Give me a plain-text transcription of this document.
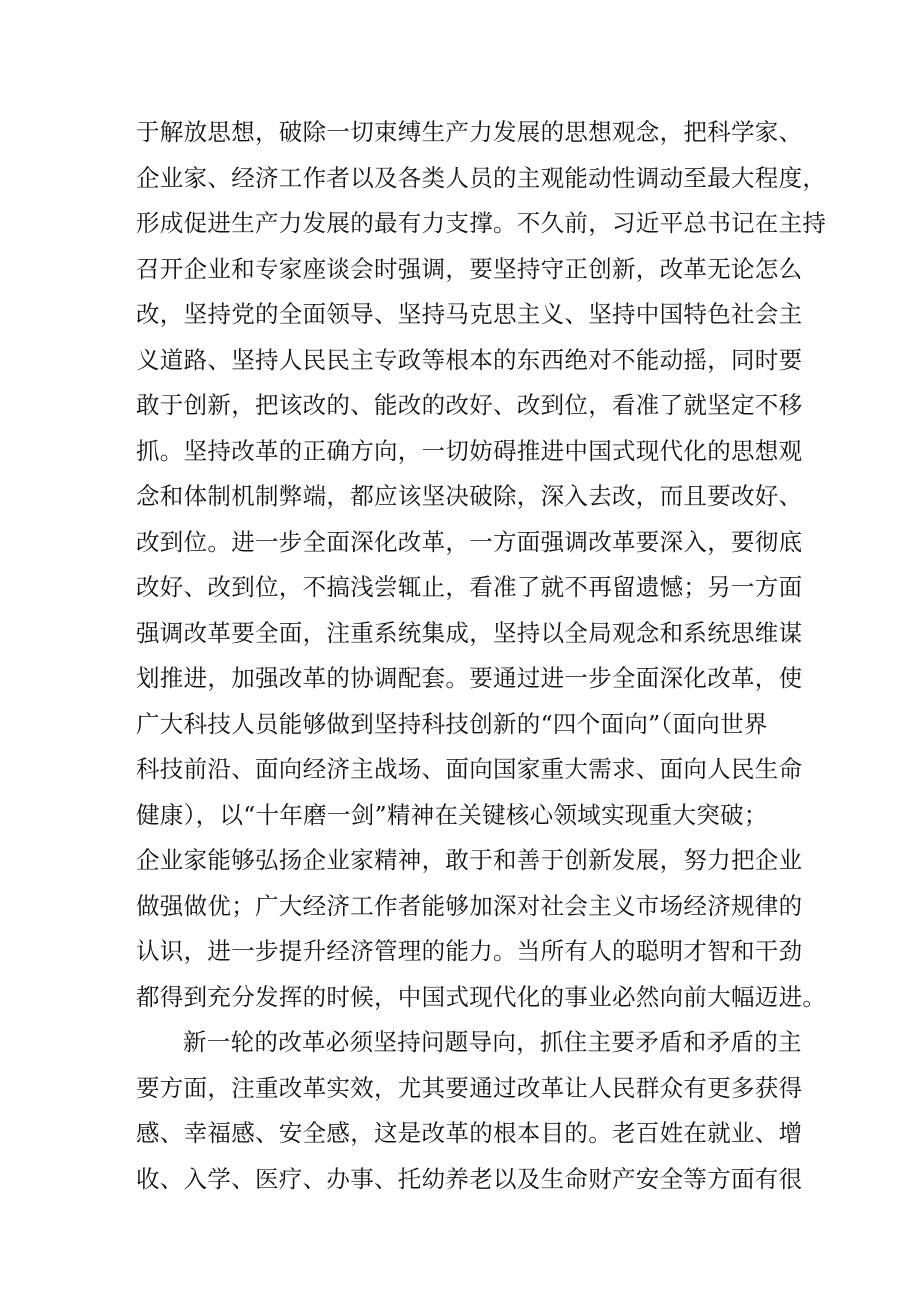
于解放思想，破除一切束缚生产力发展的思想观念，把科学家、
企业家、经济工作者以及各类人员的主观能动性调动至最大程度，
形成促进生产力发展的最有力支撑。不久前，习近平总书记在主持
召开企业和专家座谈会时强调，要坚持守正创新，改革无论怎么
改，坚持党的全面领导、坚持马克思主义、坚持中国特色社会主
义道路、坚持人民民主专政等根本的东西绝对不能动摇，同时要
敢于创新，把该改的、能改的改好、改到位，看准了就坚定不移
抓。坚持改革的正确方向，一切妨碍推进中国式现代化的思想观
念和体制机制弊端，都应该坚决破除，深入去改，而且要改好、
改到位。进一步全面深化改革，一方面强调改革要深入，要彻底
改好、改到位，不搞浅尝辄止，看准了就不再留遗憾；另一方面
强调改革要全面，注重系统集成，坚持以全局观念和系统思维谋
划推进，加强改革的协调配套。要通过进一步全面深化改革，使
广大科技人员能够做到坚持科技创新的“四个面向”（面向世界
科技前沿、面向经济主战场、面向国家重大需求、面向人民生命
健康），以“十年磨一剑”精神在关键核心领域实现重大突破；
企业家能够弘扬企业家精神，敢于和善于创新发展，努力把企业
做强做优；广大经济工作者能够加深对社会主义市场经济规律的
认识，进一步提升经济管理的能力。当所有人的聪明才智和干劲
都得到充分发挥的时候，中国式现代化的事业必然向前大幅迈进。
新一轮的改革必须坚持问题导向，抓住主要矛盾和矛盾的主
要方面，注重改革实效，尤其要通过改革让人民群众有更多获得
感、幸福感、安全感，这是改革的根本目的。老百姓在就业、增
收、入学、医疗、办事、托幼养老以及生命财产安全等方面有很
